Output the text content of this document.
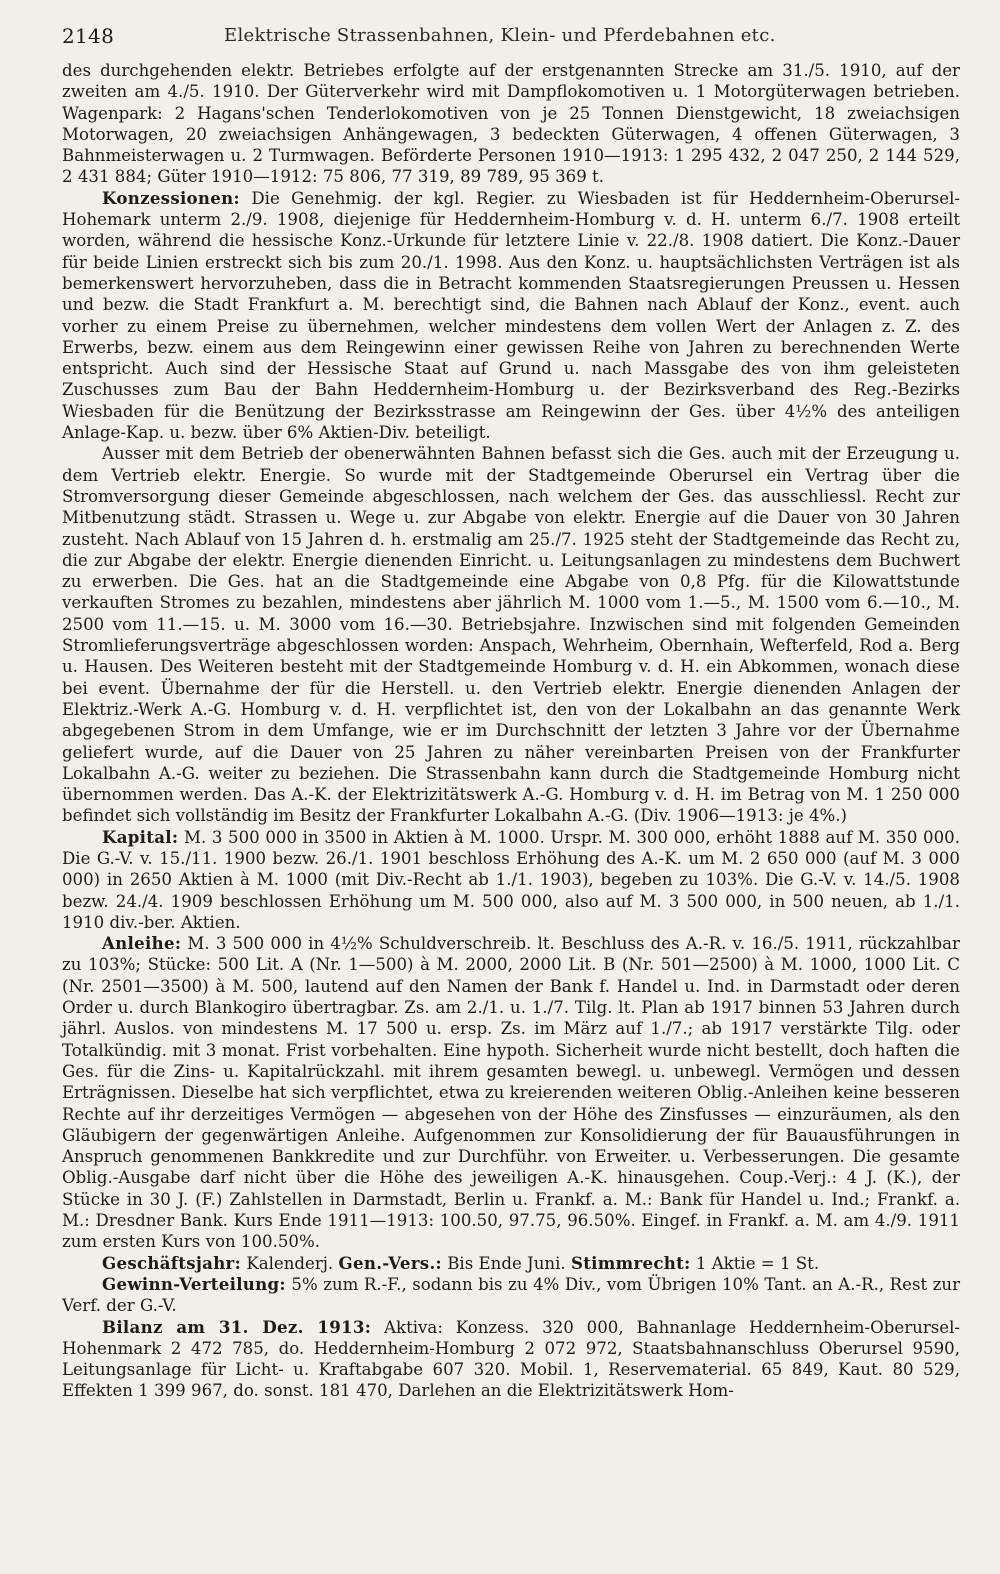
2148	Elektrische Strassenbahnen, Klein- und Pferdebahnen etc.

des durchgehenden elektr. Betriebes erfolgte auf der erstgenannten Strecke am 31./5. 1910, auf der zweiten am 4./5. 1910. Der Güterverkehr wird mit Dampflokomotiven u. 1 Motorgüterwagen betrieben. Wagenpark: 2 Hagans'schen Tenderlokomotiven von je 25 Tonnen Dienstgewicht, 18 zweiachsigen Motorwagen, 20 zweiachsigen Anhängewagen, 3 bedeckten Güterwagen, 4 offenen Güterwagen, 3 Bahnmeisterwagen u. 2 Turmwagen. Beförderte Personen 1910—1913: 1 295 432, 2 047 250, 2 144 529, 2 431 884; Güter 1910—1912: 75 806, 77 319, 89 789, 95 369 t.

Konzessionen: Die Genehmig. der kgl. Regier. zu Wiesbaden ist für Heddernheim-Oberursel-Hohemark unterm 2./9. 1908, diejenige für Heddernheim-Homburg v. d. H. unterm 6./7. 1908 erteilt worden, während die hessische Konz.-Urkunde für letztere Linie v. 22./8. 1908 datiert. Die Konz.-Dauer für beide Linien erstreckt sich bis zum 20./1. 1998. Aus den Konz. u. hauptsächlichsten Verträgen ist als bemerkenswert hervorzuheben, dass die in Betracht kommenden Staatsregierungen Preussen u. Hessen und bezw. die Stadt Frankfurt a. M. berechtigt sind, die Bahnen nach Ablauf der Konz., event. auch vorher zu einem Preise zu übernehmen, welcher mindestens dem vollen Wert der Anlagen z. Z. des Erwerbs, bezw. einem aus dem Reingewinn einer gewissen Reihe von Jahren zu berechnenden Werte entspricht. Auch sind der Hessische Staat auf Grund u. nach Massgabe des von ihm geleisteten Zuschusses zum Bau der Bahn Heddernheim-Homburg u. der Bezirksverband des Reg.-Bezirks Wiesbaden für die Benützung der Bezirksstrasse am Reingewinn der Ges. über 4½% des anteiligen Anlage-Kap. u. bezw. über 6% Aktien-Div. beteiligt.

Ausser mit dem Betrieb der obenerwähnten Bahnen befasst sich die Ges. auch mit der Erzeugung u. dem Vertrieb elektr. Energie. So wurde mit der Stadtgemeinde Oberursel ein Vertrag über die Stromversorgung dieser Gemeinde abgeschlossen, nach welchem der Ges. das ausschliessl. Recht zur Mitbenutzung städt. Strassen u. Wege u. zur Abgabe von elektr. Energie auf die Dauer von 30 Jahren zusteht. Nach Ablauf von 15 Jahren d. h. erstmalig am 25./7. 1925 steht der Stadtgemeinde das Recht zu, die zur Abgabe der elektr. Energie dienenden Einricht. u. Leitungsanlagen zu mindestens dem Buchwert zu erwerben. Die Ges. hat an die Stadtgemeinde eine Abgabe von 0,8 Pfg. für die Kilowattstunde verkauften Stromes zu bezahlen, mindestens aber jährlich M. 1000 vom 1.—5., M. 1500 vom 6.—10., M. 2500 vom 11.—15. u. M. 3000 vom 16.—30. Betriebsjahre. Inzwischen sind mit folgenden Gemeinden Stromlieferungsverträge abgeschlossen worden: Anspach, Wehrheim, Obernhain, Wefterfeld, Rod a. Berg u. Hausen. Des Weiteren besteht mit der Stadtgemeinde Homburg v. d. H. ein Abkommen, wonach diese bei event. Übernahme der für die Herstell. u. den Vertrieb elektr. Energie dienenden Anlagen der Elektriz.-Werk A.-G. Homburg v. d. H. verpflichtet ist, den von der Lokalbahn an das genannte Werk abgegebenen Strom in dem Umfange, wie er im Durchschnitt der letzten 3 Jahre vor der Übernahme geliefert wurde, auf die Dauer von 25 Jahren zu näher vereinbarten Preisen von der Frankfurter Lokalbahn A.-G. weiter zu beziehen. Die Strassenbahn kann durch die Stadtgemeinde Homburg nicht übernommen werden. Das A.-K. der Elektrizitätswerk A.-G. Homburg v. d. H. im Betrag von M. 1 250 000 befindet sich vollständig im Besitz der Frankfurter Lokalbahn A.-G. (Div. 1906—1913: je 4%.)

Kapital: M. 3 500 000 in 3500 in Aktien à M. 1000. Urspr. M. 300 000, erhöht 1888 auf M. 350 000. Die G.-V. v. 15./11. 1900 bezw. 26./1. 1901 beschloss Erhöhung des A.-K. um M. 2 650 000 (auf M. 3 000 000) in 2650 Aktien à M. 1000 (mit Div.-Recht ab 1./1. 1903), begeben zu 103%. Die G.-V. v. 14./5. 1908 bezw. 24./4. 1909 beschlossen Erhöhung um M. 500 000, also auf M. 3 500 000, in 500 neuen, ab 1./1. 1910 div.-ber. Aktien.

Anleihe: M. 3 500 000 in 4½% Schuldverschreib. lt. Beschluss des A.-R. v. 16./5. 1911, rückzahlbar zu 103%; Stücke: 500 Lit. A (Nr. 1—500) à M. 2000, 2000 Lit. B (Nr. 501—2500) à M. 1000, 1000 Lit. C (Nr. 2501—3500) à M. 500, lautend auf den Namen der Bank f. Handel u. Ind. in Darmstadt oder deren Order u. durch Blankogiro übertragbar. Zs. am 2./1. u. 1./7. Tilg. lt. Plan ab 1917 binnen 53 Jahren durch jährl. Auslos. von mindestens M. 17 500 u. ersp. Zs. im März auf 1./7.; ab 1917 verstärkte Tilg. oder Totalkündig. mit 3 monat. Frist vorbehalten. Eine hypoth. Sicherheit wurde nicht bestellt, doch haften die Ges. für die Zins- u. Kapitalrückzahl. mit ihrem gesamten bewegl. u. unbewegl. Vermögen und dessen Erträgnissen. Dieselbe hat sich verpflichtet, etwa zu kreierenden weiteren Oblig.-Anleihen keine besseren Rechte auf ihr derzeitiges Vermögen — abgesehen von der Höhe des Zinsfusses — einzuräumen, als den Gläubigern der gegenwärtigen Anleihe. Aufgenommen zur Konsolidierung der für Bauausführungen in Anspruch genommenen Bankkredite und zur Durchführ. von Erweiter. u. Verbesserungen. Die gesamte Oblig.-Ausgabe darf nicht über die Höhe des jeweiligen A.-K. hinausgehen. Coup.-Verj.: 4 J. (K.), der Stücke in 30 J. (F.) Zahlstellen in Darmstadt, Berlin u. Frankf. a. M.: Bank für Handel u. Ind.; Frankf. a. M.: Dresdner Bank. Kurs Ende 1911—1913: 100.50, 97.75, 96.50%. Eingef. in Frankf. a. M. am 4./9. 1911 zum ersten Kurs von 100.50%.

Geschäftsjahr: Kalenderj. Gen.-Vers.: Bis Ende Juni. Stimmrecht: 1 Aktie = 1 St.

Gewinn-Verteilung: 5% zum R.-F., sodann bis zu 4% Div., vom Übrigen 10% Tant. an A.-R., Rest zur Verf. der G.-V.

Bilanz am 31. Dez. 1913: Aktiva: Konzess. 320 000, Bahnanlage Heddernheim-Oberursel-Hohenmark 2 472 785, do. Heddernheim-Homburg 2 072 972, Staatsbahnanschluss Oberursel 9590, Leitungsanlage für Licht- u. Kraftabgabe 607 320. Mobil. 1, Reservematerial. 65 849, Kaut. 80 529, Effekten 1 399 967, do. sonst. 181 470, Darlehen an die Elektrizitätswerk Hom-
